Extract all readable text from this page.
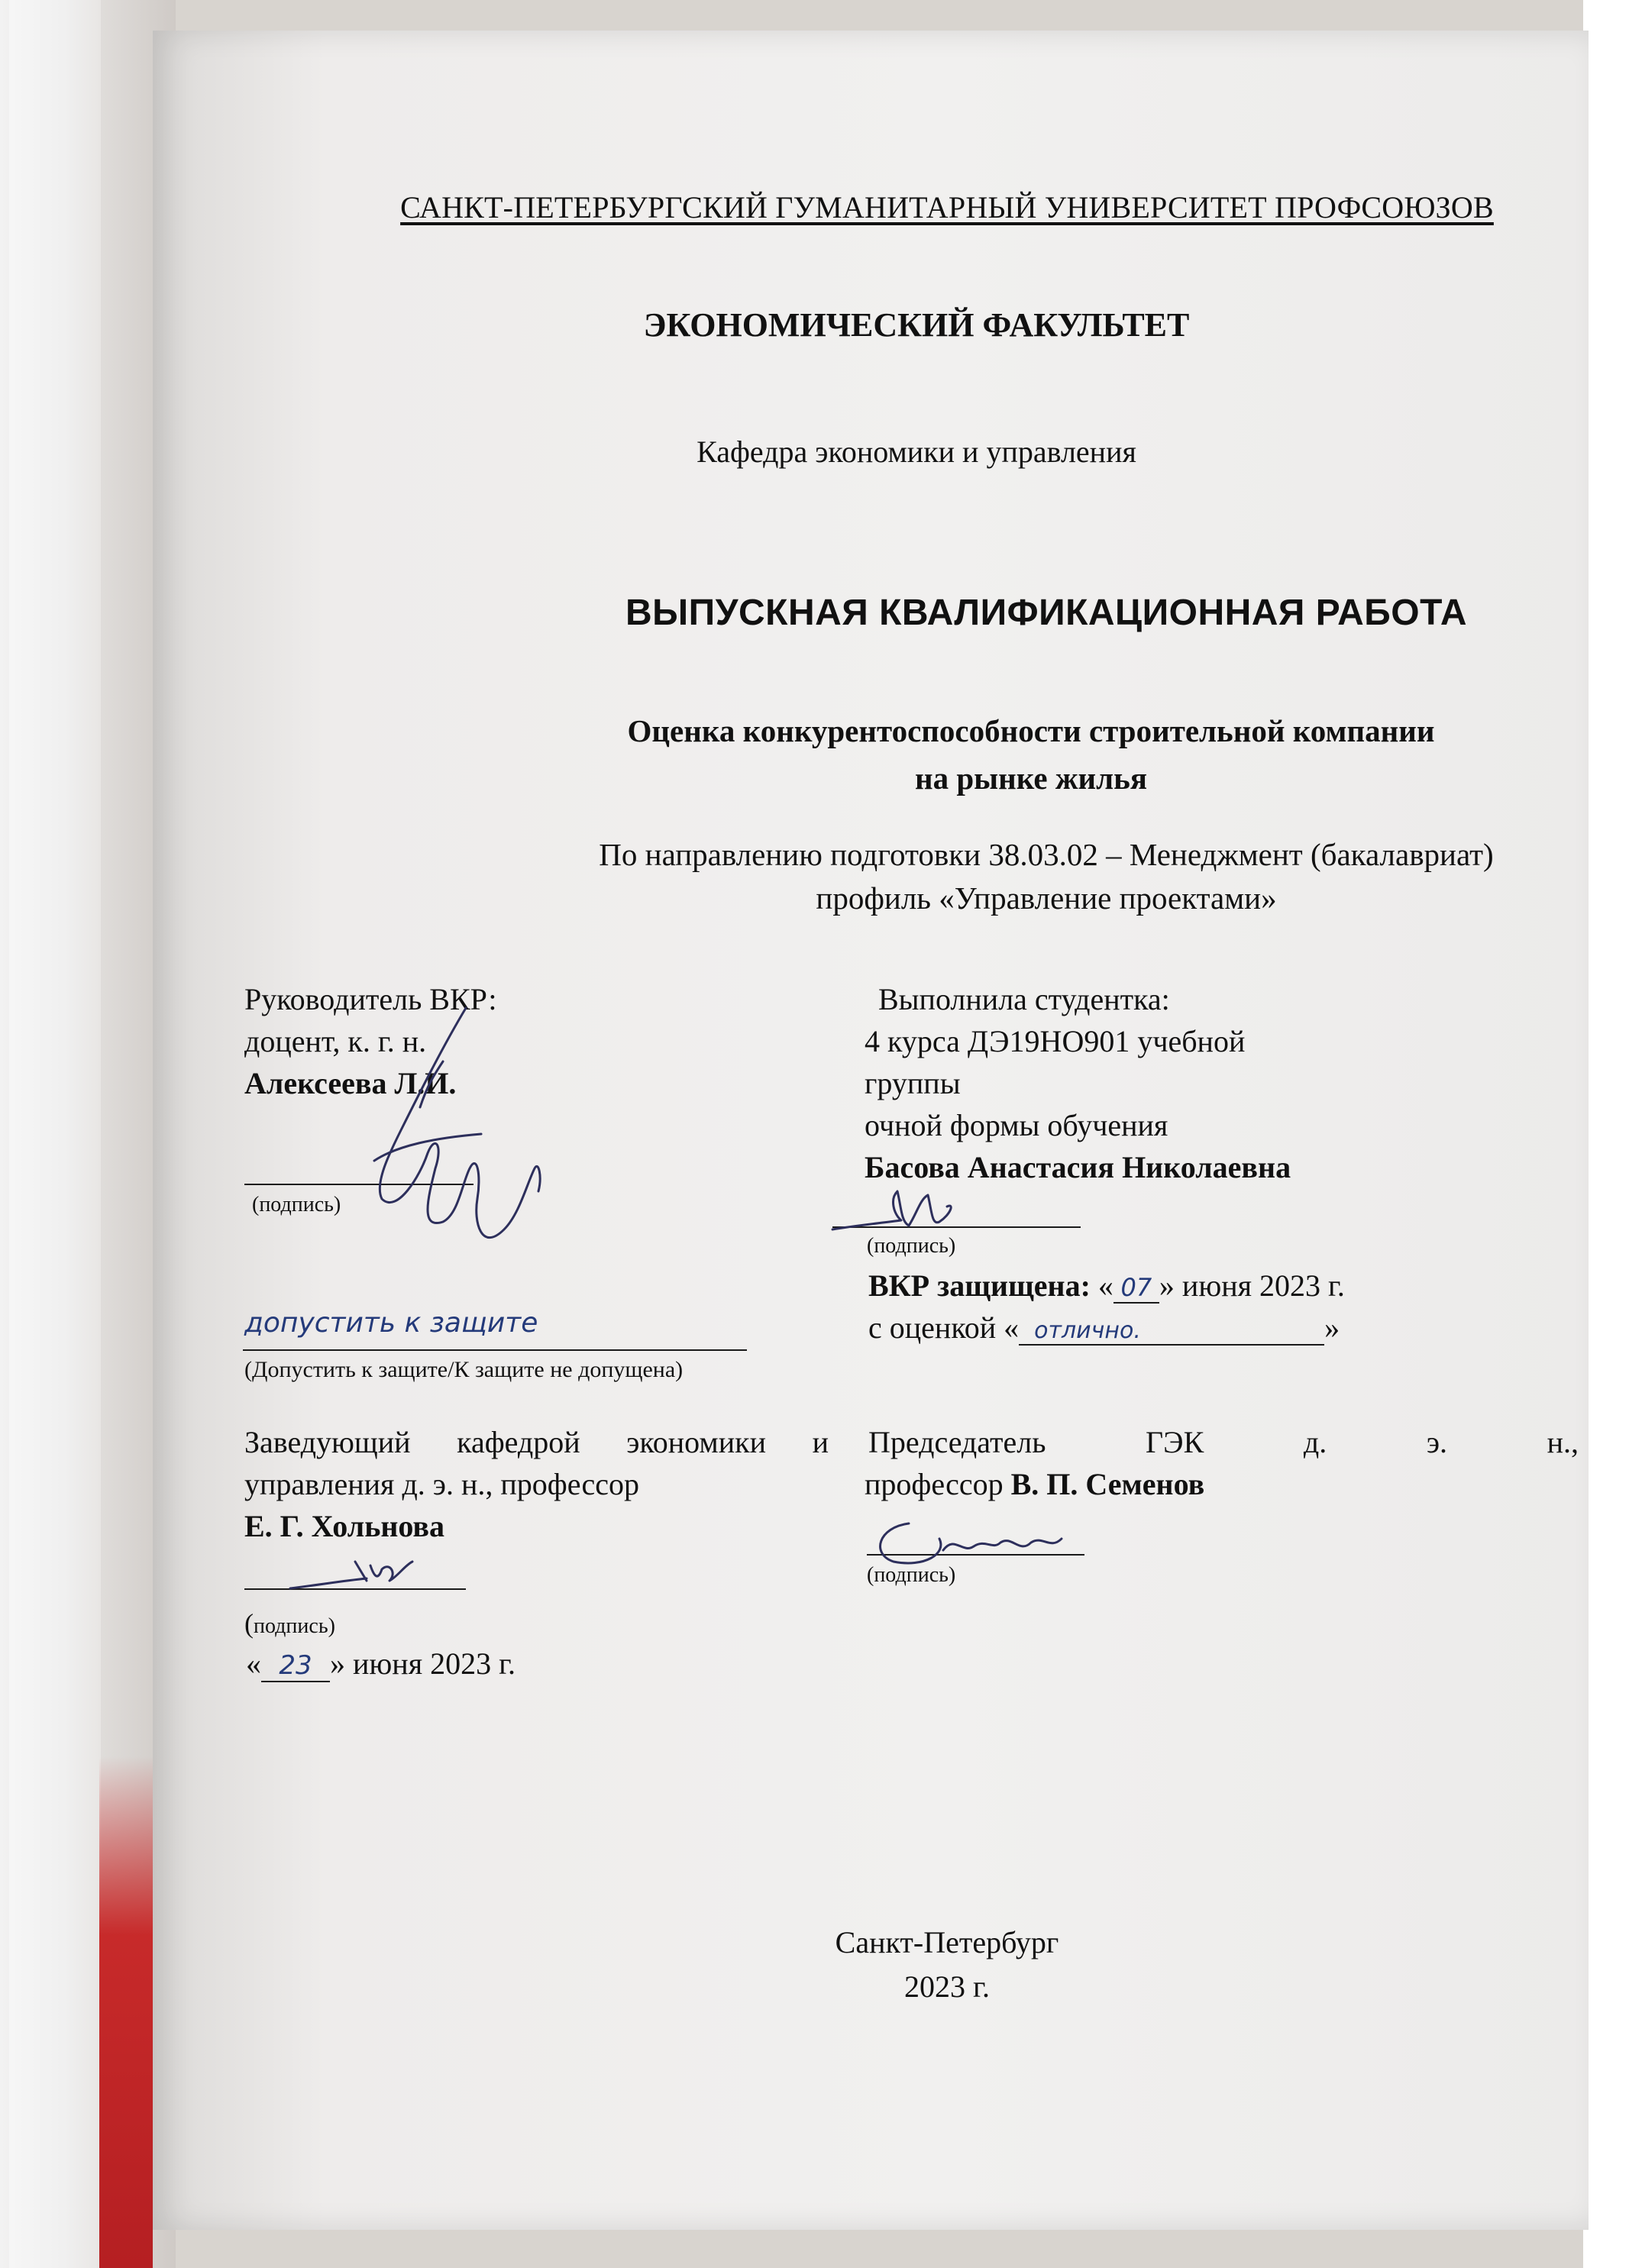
САНКТ-ПЕТЕРБУРГСКИЙ ГУМАНИТАРНЫЙ УНИВЕРСИТЕТ ПРОФСОЮЗОВ
ЭКОНОМИЧЕСКИЙ ФАКУЛЬТЕТ
Кафедра экономики и управления
ВЫПУСКНАЯ КВАЛИФИКАЦИОННАЯ РАБОТА
Оценка конкурентоспособности строительной компании
на рынке жилья
По направлению подготовки 38.03.02 – Менеджмент (бакалавриат)
профиль «Управление проектами»
Руководитель ВКР:
доцент, к. г. н.
Алексеева Л.И.
(подпись)
Выполнила студентка:
4 курса ДЭ19НО901 учебной
группы
очной формы обучения
Басова Анастасия Николаевна
(подпись)
допустить к защите
(Допустить к защите/К защите не допущена)
ВКР защищена: « 07 » июня 2023 г.
с оценкой « отлично.	»
Заведующий кафедрой экономики и
управления д. э. н., профессор
Е. Г. Хольнова
(подпись)
« 23 » июня 2023 г.
Председатель	ГЭК	д.	э.	н.,
профессор В. П. Семенов
(подпись)
Санкт-Петербург
2023 г.
